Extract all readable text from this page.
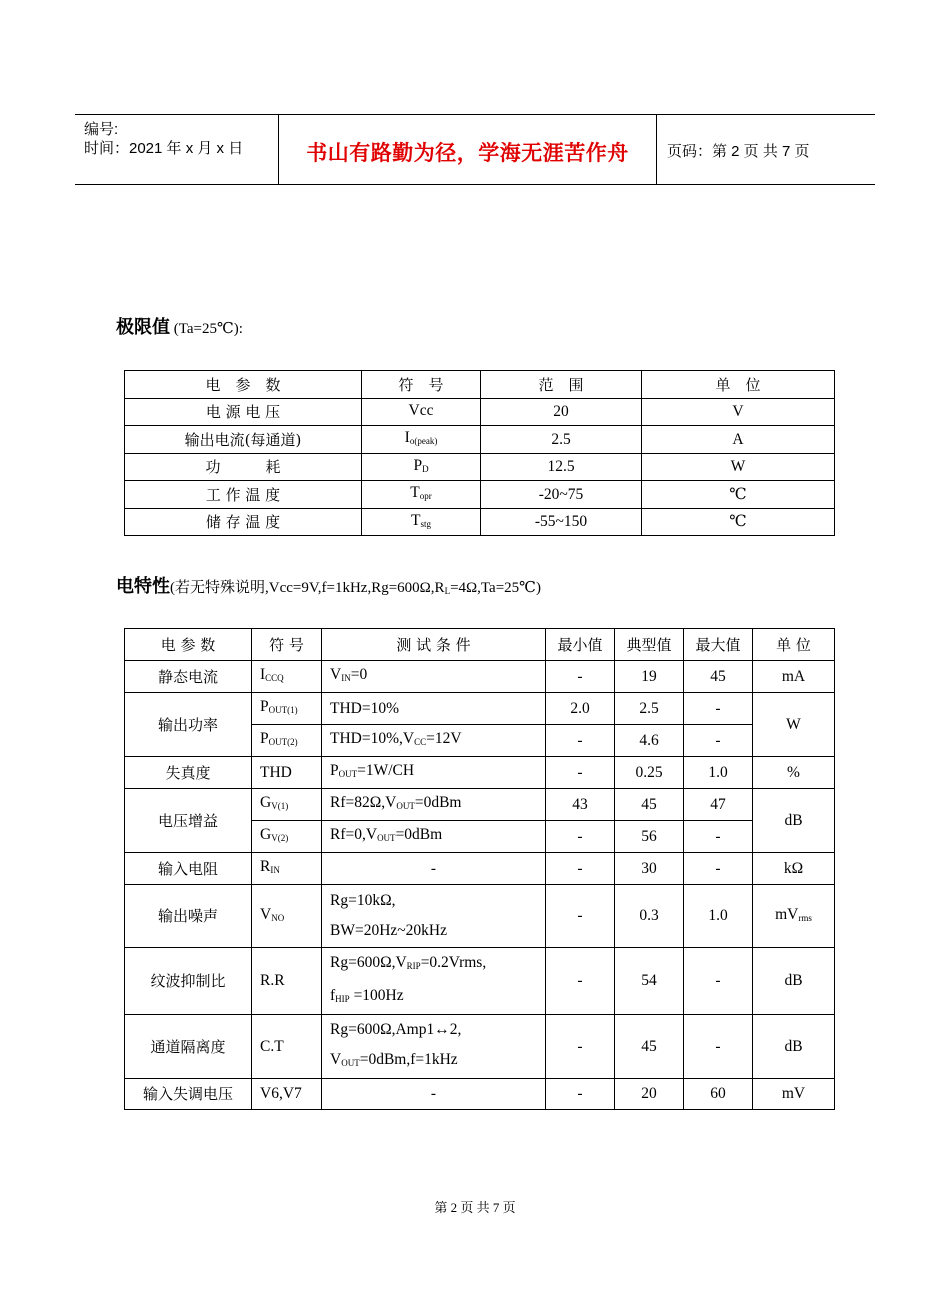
编号:
时间：2021 年 x 月 x 日	书山有路勤为径，学海无涯苦作舟	页码：第 2 页 共 7 页
极限值 (Ta=25℃):
电　参　数	符　号	范　围	单　位
电 源 电 压	Vcc	20	V
输出电流(每通道)	$I_{o(peak)}$	2.5	A
功　　　耗	$P_D$	12.5	W
工 作 温 度	$T_{opr}$	-20~75	℃
储 存 温 度	$T_{stg}$	-55~150	℃
电特性(若无特殊说明$,Vcc=9V,f=1kHz,Rg=600\Omega,R_L=4\Omega,Ta=25℃$)
电 参 数	符 号	测 试 条 件	最小值	典型值	最大值	单 位
静态电流	$I_{CCQ}$	$V_{IN}=0$	-	19	45	mA
输出功率	$P_{OUT(1)}$	THD=10%	2.0	2.5	-	W
	$P_{OUT(2)}$	$THD=10\%,V_{CC}=12V$	-	4.6	-	
失真度	THD	$P_{OUT}=1W/CH$	-	0.25	1.0	%
电压增益	$G_{V(1)}$	$Rf=82\Omega,V_{OUT}=0dBm$	43	45	47	dB
	$G_{V(2)}$	$Rf=0,V_{OUT}=0dBm$	-	56	-	
输入电阻	$R_{IN}$	-	-	30	-	kΩ
输出噪声	$V_{NO}$	Rg=10kΩ,
BW=20Hz~20kHz	-	0.3	1.0	$mV_{rms}$
纹波抑制比	R.R	$Rg=600\Omega,V_{RIP}=0.2Vrms$,
$f_{HIP} =100Hz$	-	54	-	dB
通道隔离度	C.T	Rg=600Ω,Amp1↔2,
$V_{OUT}=0dBm,f=1kHz$	-	45	-	dB
输入失调电压	V6,V7	-	-	20	60	mV
第 2 页 共 7 页
